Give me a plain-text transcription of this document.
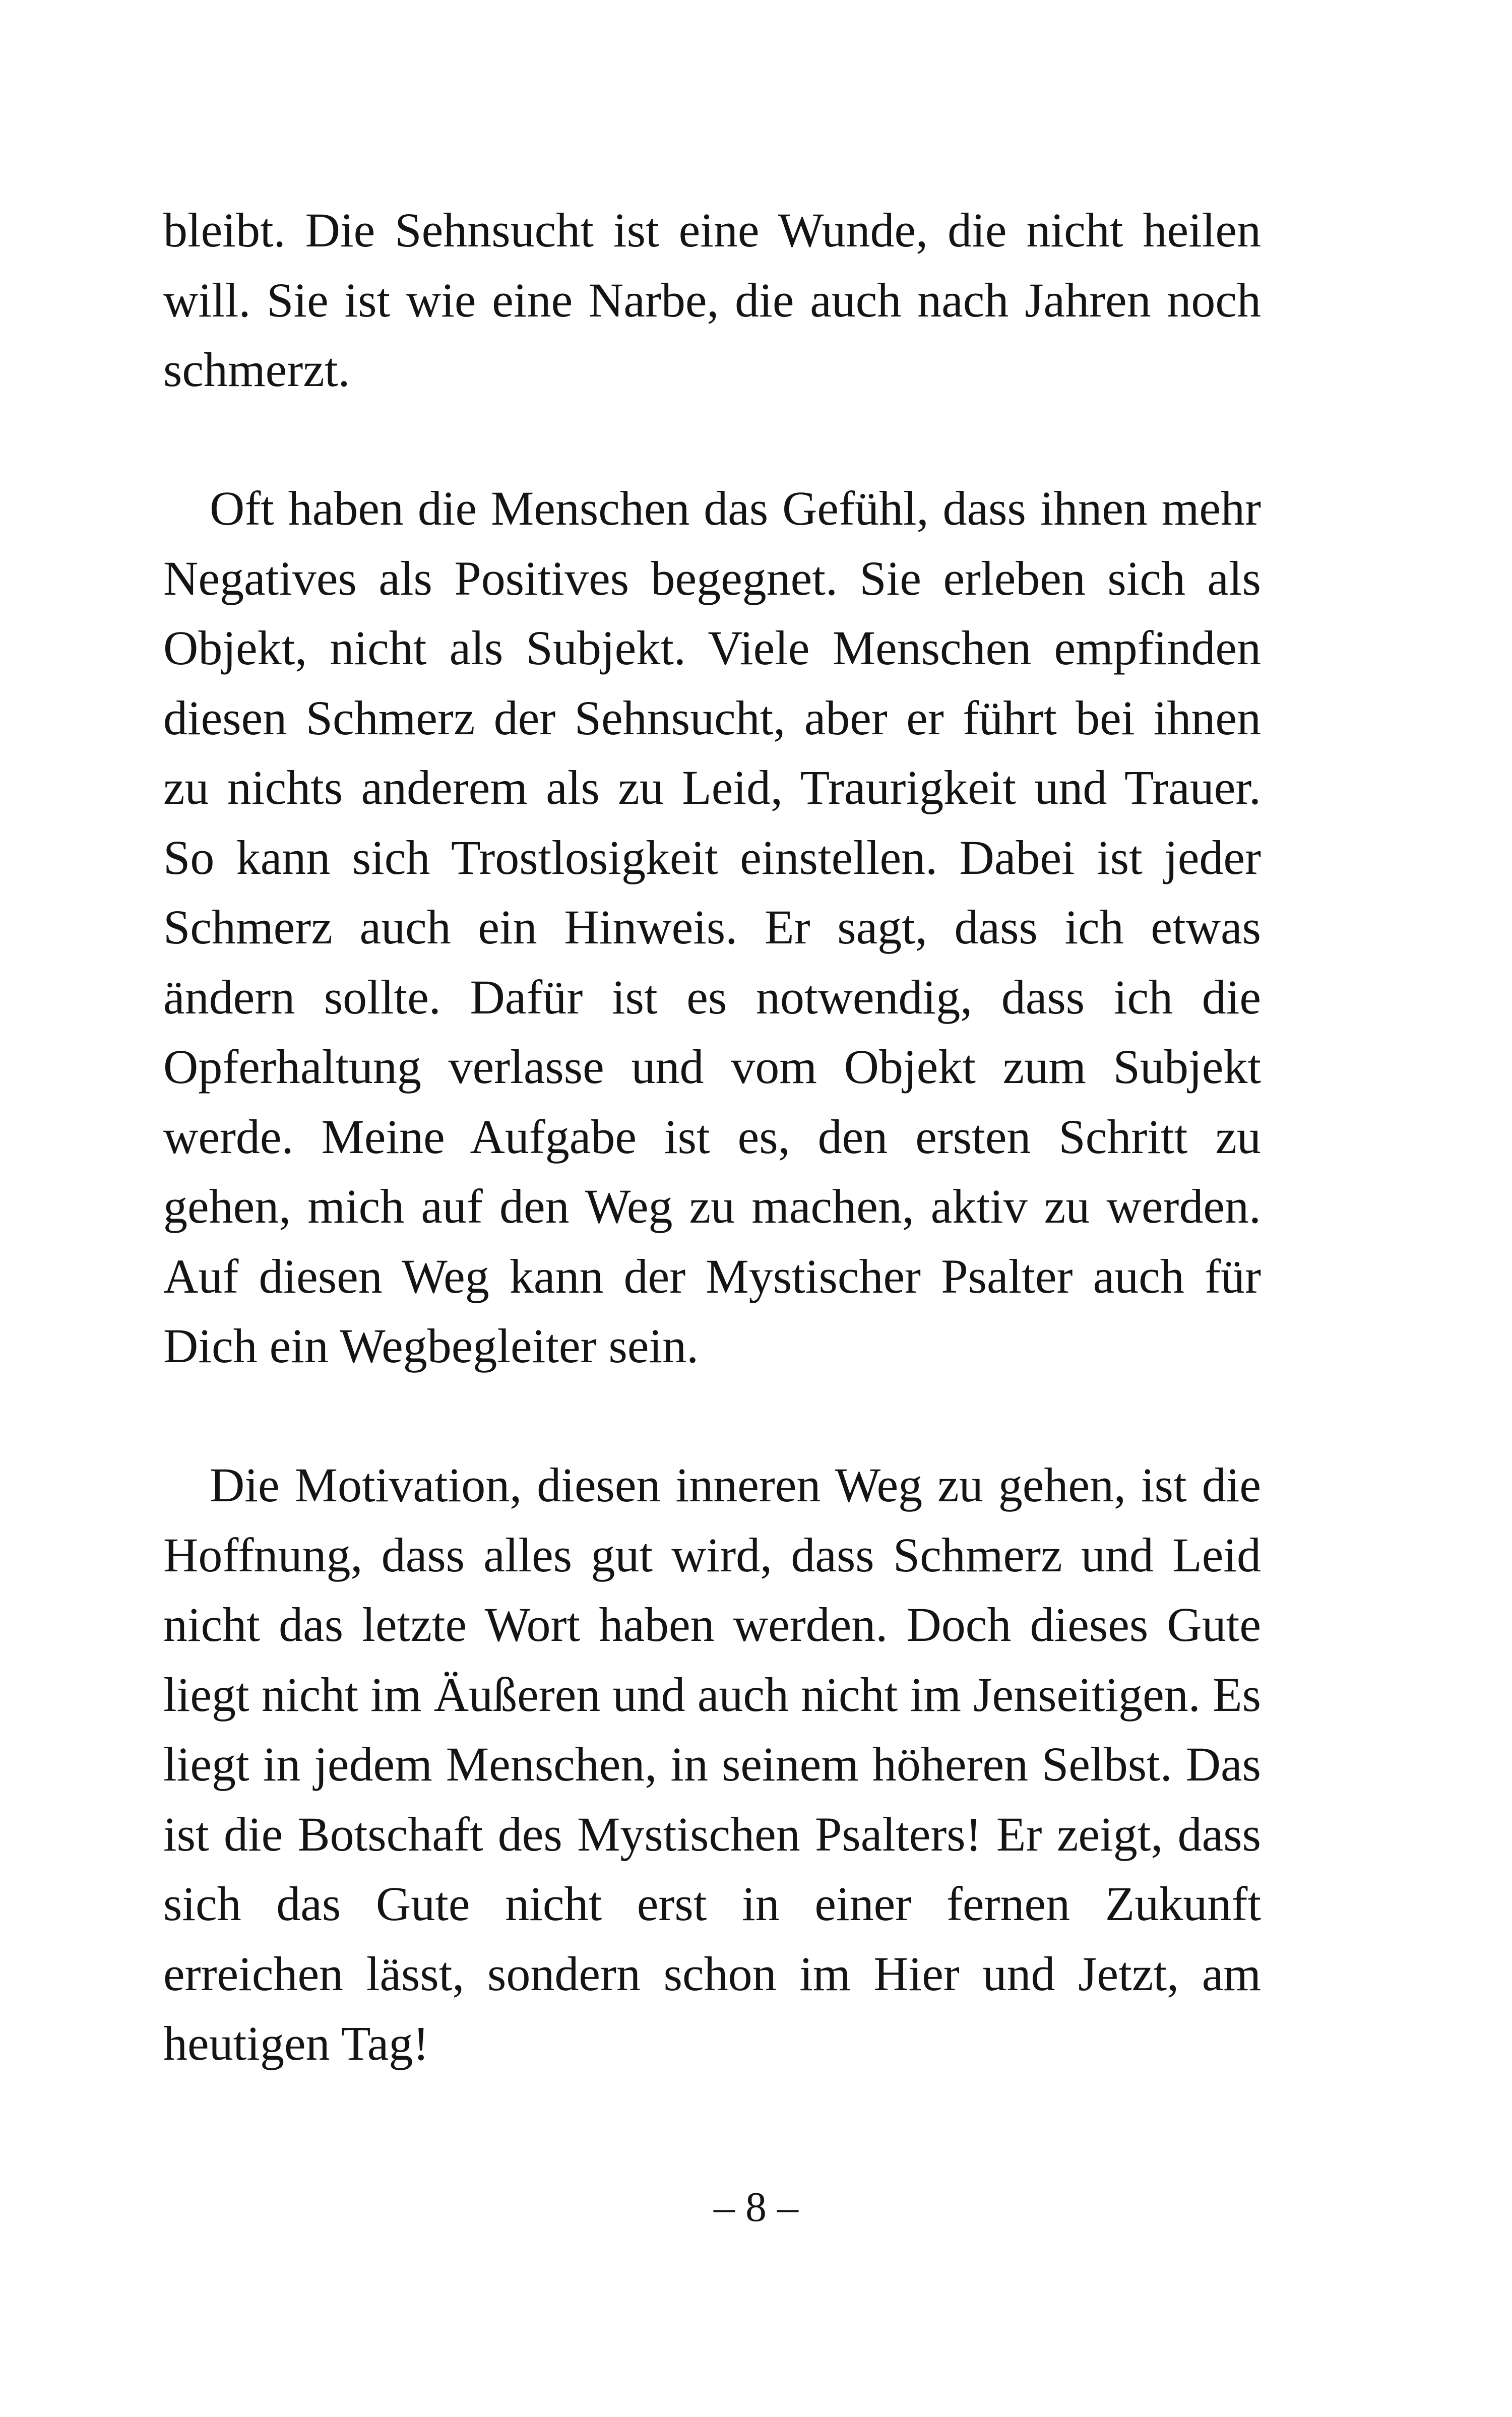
bleibt. Die Sehnsucht ist eine Wunde, die nicht heilen will. Sie ist wie eine Narbe, die auch nach Jahren noch schmerzt.

Oft haben die Menschen das Gefühl, dass ihnen mehr Negatives als Positives begegnet. Sie erleben sich als Objekt, nicht als Subjekt. Viele Menschen empfinden diesen Schmerz der Sehnsucht, aber er führt bei ihnen zu nichts anderem als zu Leid, Traurigkeit und Trauer. So kann sich Trostlosigkeit einstellen. Dabei ist jeder Schmerz auch ein Hinweis. Er sagt, dass ich etwas ändern sollte. Dafür ist es notwendig, dass ich die Opferhaltung verlasse und vom Objekt zum Subjekt werde. Meine Aufgabe ist es, den ersten Schritt zu gehen, mich auf den Weg zu machen, aktiv zu werden. Auf diesen Weg kann der Mystischer Psalter auch für Dich ein Wegbegleiter sein.

Die Motivation, diesen inneren Weg zu gehen, ist die Hoffnung, dass alles gut wird, dass Schmerz und Leid nicht das letzte Wort haben werden. Doch dieses Gute liegt nicht im Äußeren und auch nicht im Jenseitigen. Es liegt in jedem Menschen, in seinem höheren Selbst. Das ist die Botschaft des Mystischen Psalters! Er zeigt, dass sich das Gute nicht erst in einer fernen Zukunft erreichen lässt, sondern schon im Hier und Jetzt, am heutigen Tag!

– 8 –
